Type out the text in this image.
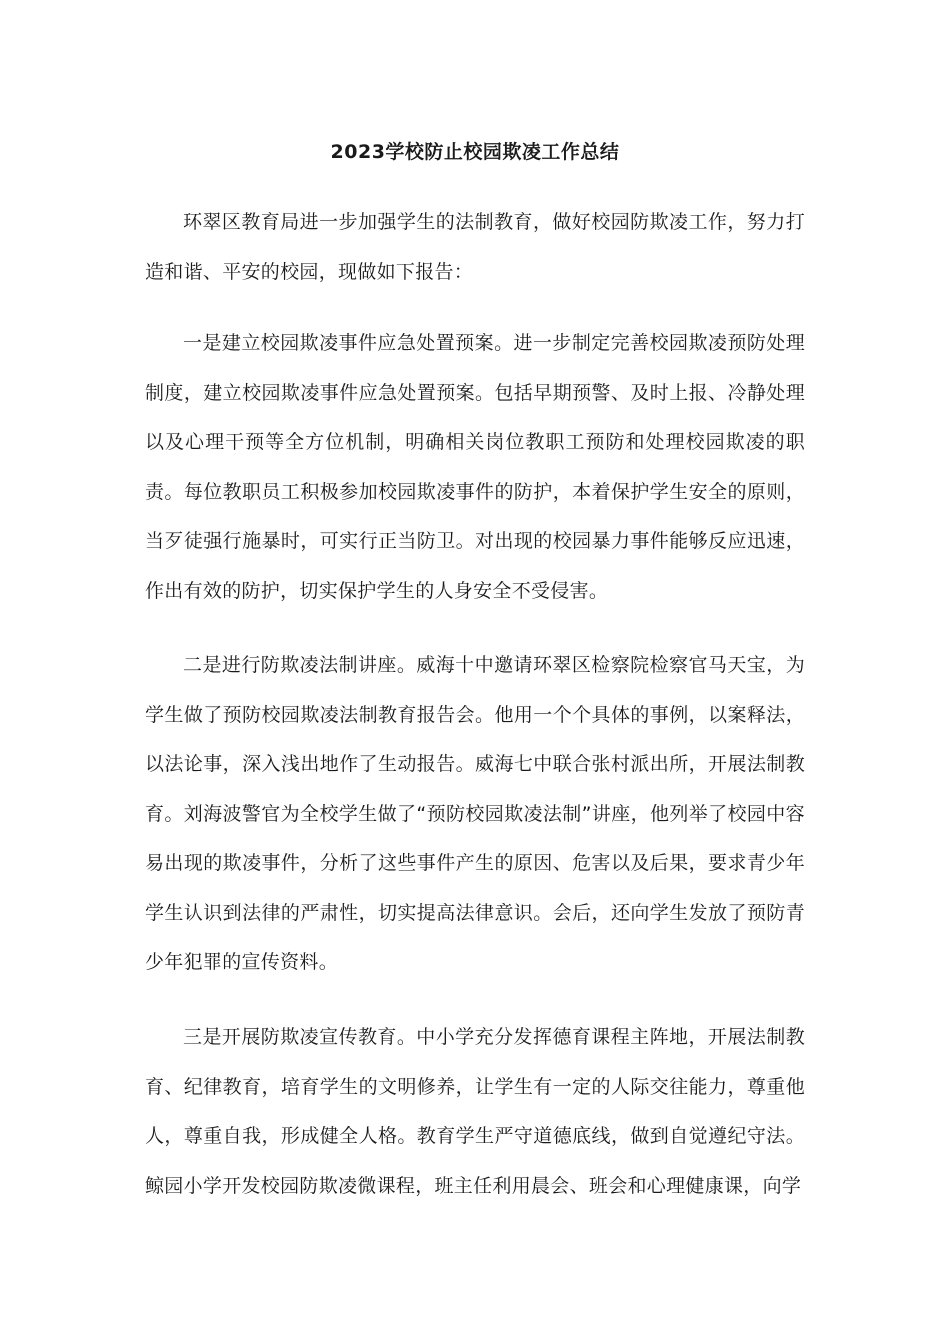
2023学校防止校园欺凌工作总结

环翠区教育局进一步加强学生的法制教育，做好校园防欺凌工作，努力打造和谐、平安的校园，现做如下报告：

一是建立校园欺凌事件应急处置预案。进一步制定完善校园欺凌预防处理制度，建立校园欺凌事件应急处置预案。包括早期预警、及时上报、冷静处理以及心理干预等全方位机制，明确相关岗位教职工预防和处理校园欺凌的职责。每位教职员工积极参加校园欺凌事件的防护，本着保护学生安全的原则，当歹徒强行施暴时，可实行正当防卫。对出现的校园暴力事件能够反应迅速，作出有效的防护，切实保护学生的人身安全不受侵害。

二是进行防欺凌法制讲座。威海十中邀请环翠区检察院检察官马天宝，为学生做了预防校园欺凌法制教育报告会。他用一个个具体的事例，以案释法，以法论事，深入浅出地作了生动报告。威海七中联合张村派出所，开展法制教育。刘海波警官为全校学生做了“预防校园欺凌法制”讲座，他列举了校园中容易出现的欺凌事件，分析了这些事件产生的原因、危害以及后果，要求青少年学生认识到法律的严肃性，切实提高法律意识。会后，还向学生发放了预防青少年犯罪的宣传资料。

三是开展防欺凌宣传教育。中小学充分发挥德育课程主阵地，开展法制教育、纪律教育，培育学生的文明修养，让学生有一定的人际交往能力，尊重他人，尊重自我，形成健全人格。教育学生严守道德底线，做到自觉遵纪守法。鲸园小学开发校园防欺凌微课程，班主任利用晨会、班会和心理健康课，向学
